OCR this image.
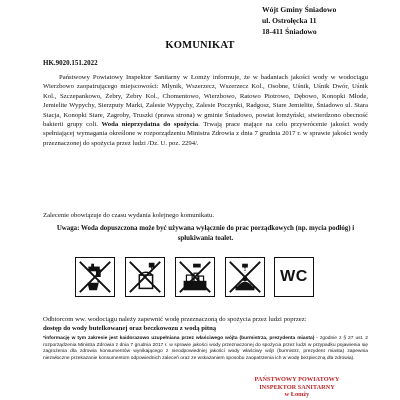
Wójt Gminy Śniadowo
ul. Ostrołęcka 11
18-411 Śniadowo
KOMUNIKAT
HK.9020.151.2022

Państwowy Powiatowy Inspektor Sanitarny w Łomży informuje, że w badaniach jakości wody w wodociągu Wierzbowo zaopatrującego miejscowości: Młynik, Wszerzecz, Wszerzecz Kol., Osobne, Uśnik, Uśnik Dwór, Uśnik Kol., Szczepankowo, Żebry, Żebry Kol., Chomentowo, Wierzbowo, Ratowo Piotrowo, Dębowo, Konopki Młode, Jemielite Wypychy, Sierzputy Marki, Zalesie Wypychy, Zalesie Poczynki, Radgosz, Stare Jemielite, Śniadowo ul. Stara Stacja, Konopki Stare, Zagroby, Truszki (prawa strona) w gminie Śniadowo, powiat łomżyński, stwierdzono obecność bakterii grupy coli. Woda nieprzydatna do spożycia. Trwają prace mające na celu przywrócenie jakości wody spełniającej wymagania określone w rozporządzeniu Ministra Zdrowia z dnia 7 grudnia 2017 r. w sprawie jakości wody przeznaczonej do spożycia przez ludzi /Dz. U. poz. 2294/.

Zalecenie obowiązuje do czasu wydania kolejnego komunikatu.
Uwaga: Woda dopuszczona może być używana wyłącznie do prac porządkowych (np. mycia podłóg) i spłukiwania toalet.
WC
Odbiorcom ww. wodociągu należy zapewnić wodę przeznaczoną do spożycia przez ludzi poprzez:
dostęp do wody butelkowanej oraz beczkowozu z wodą pitną
*informację w tym zakresie jest kaidorazowo uzupełniana przez właściwego wójta (burmistrza, prezydenta miasta) - zgodnie z § 27 ust. 2 rozporządzenia Ministra Zdrowia z dnia 7 grudnia 2017 r. w sprawie jakości wody przeznaczonej do spożycia przez ludzi w przypadku pojawienia się zagrożenia dla zdrowia konsumentów wynikającego z nieodpowiedniej jakości wody właściwy wójt (burmistrz, prezydent miasta) zapewnia niezwłoczne przekazanie konsumentom odpowiednich zaleceń oraz ze wskazaniem sposobu zaopatrzenia ich w wodę bezpieczną dla zdrowia).
PAŃSTWOWY POWIATOWY
INSPEKTOR SANITARNY
w Łomży
